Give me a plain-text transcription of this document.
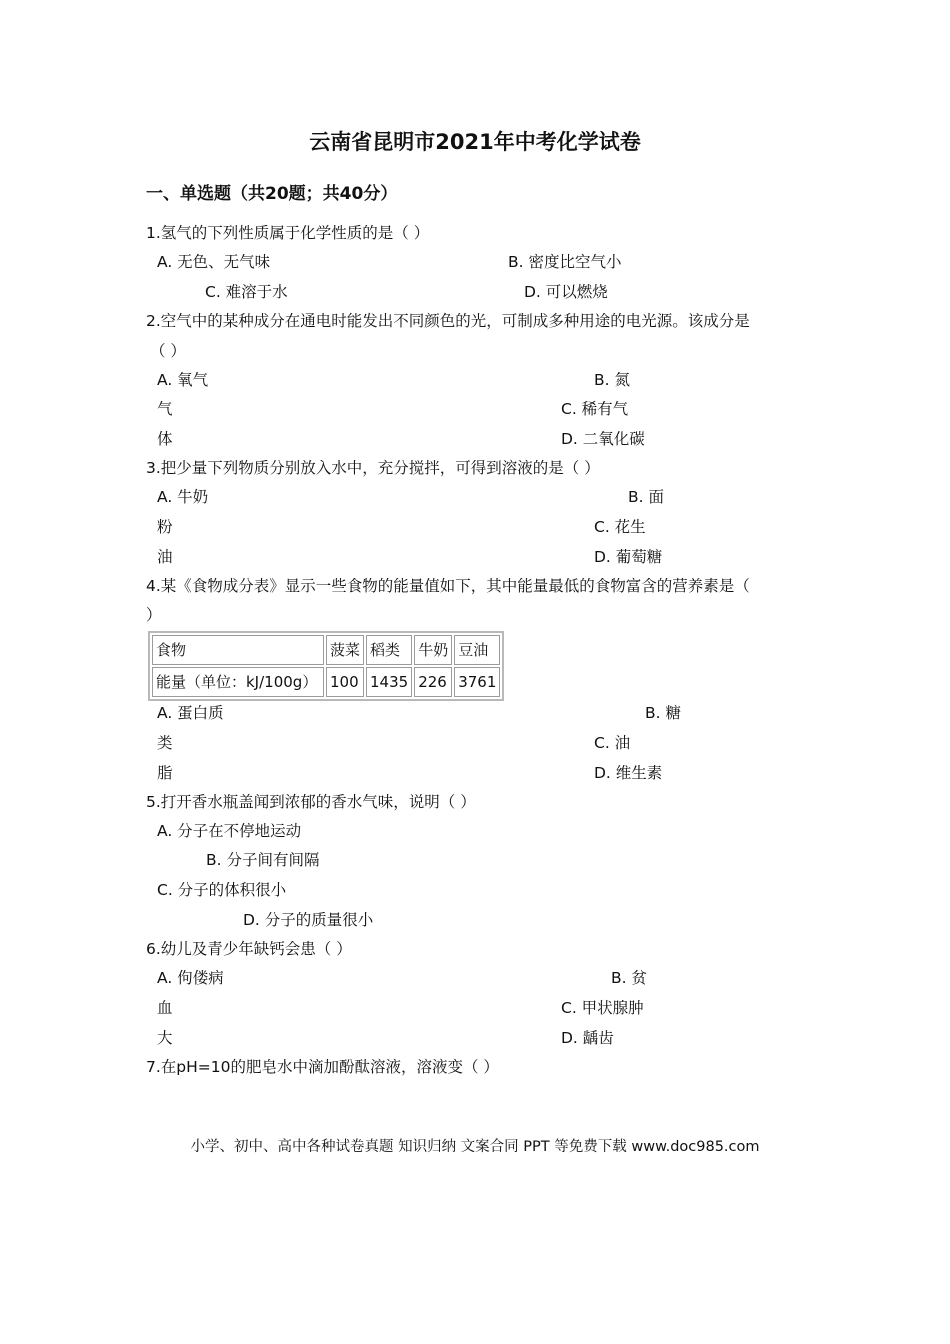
云南省昆明市2021年中考化学试卷
一、单选题（共20题；共40分）
1.氢气的下列性质属于化学性质的是（ ）
A. 无色、无气味	B. 密度比空气小
C. 难溶于水	D. 可以燃烧
2.空气中的某种成分在通电时能发出不同颜色的光，可制成多种用途的电光源。该成分是
（ ）
A. 氧气	B. 氮
气	C. 稀有气
体	D. 二氧化碳
3.把少量下列物质分别放入水中，充分搅拌，可得到溶液的是（ ）
A. 牛奶	B. 面
粉	C. 花生
油	D. 葡萄糖
4.某《食物成分表》显示一些食物的能量值如下，其中能量最低的食物富含的营养素是（
）
食物	菠菜	稻类	牛奶	豆油
能量（单位：kJ/100g）	100	1435	226	3761
A. 蛋白质	B. 糖
类	C. 油
脂	D. 维生素
5.打开香水瓶盖闻到浓郁的香水气味，说明（ ）
A. 分子在不停地运动
B. 分子间有间隔
C. 分子的体积很小
D. 分子的质量很小
6.幼儿及青少年缺钙会患（ ）
A. 佝偻病	B. 贫
血	C. 甲状腺肿
大	D. 龋齿
7.在pH=10的肥皂水中滴加酚酞溶液，溶液变（ ）
小学、初中、高中各种试卷真题 知识归纳 文案合同 PPT 等免费下载 www.doc985.com
